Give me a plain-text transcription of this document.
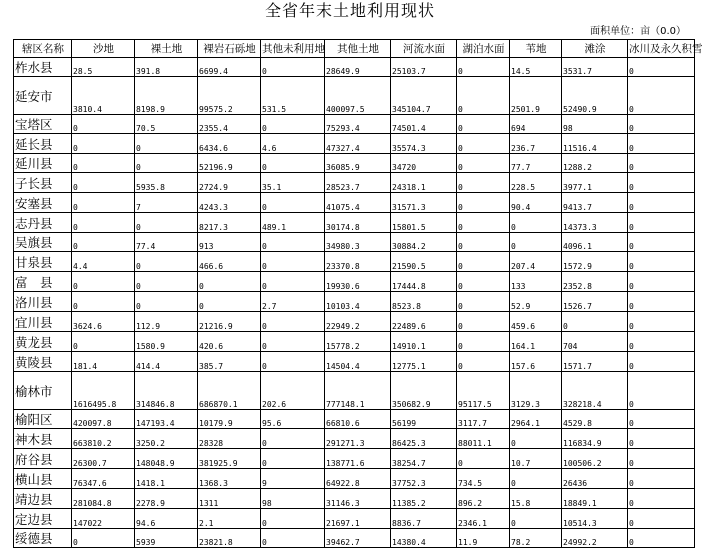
全省年末土地利用现状
面积单位：亩（0.0）
辖区名称	沙地	裸土地	裸岩石砾地	其他未利用地	其他土地	河流水面	湖泊水面	苇地	滩涂	冰川及永久积雪
柞水县	28.5	391.8	6699.4	0	28649.9	25103.7	0	14.5	3531.7	0
延安市	3810.4	8198.9	99575.2	531.5	400097.5	345104.7	0	2501.9	52490.9	0
宝塔区	0	70.5	2355.4	0	75293.4	74501.4	0	694	98	0
延长县	0	0	6434.6	4.6	47327.4	35574.3	0	236.7	11516.4	0
延川县	0	0	52196.9	0	36085.9	34720	0	77.7	1288.2	0
子长县	0	5935.8	2724.9	35.1	28523.7	24318.1	0	228.5	3977.1	0
安塞县	0	7	4243.3	0	41075.4	31571.3	0	90.4	9413.7	0
志丹县	0	0	8217.3	489.1	30174.8	15801.5	0	0	14373.3	0
吴旗县	0	77.4	913	0	34980.3	30884.2	0	0	4096.1	0
甘泉县	4.4	0	466.6	0	23370.8	21590.5	0	207.4	1572.9	0
富　县	0	0	0	0	19930.6	17444.8	0	133	2352.8	0
洛川县	0	0	0	2.7	10103.4	8523.8	0	52.9	1526.7	0
宜川县	3624.6	112.9	21216.9	0	22949.2	22489.6	0	459.6	0	0
黄龙县	0	1580.9	420.6	0	15778.2	14910.1	0	164.1	704	0
黄陵县	181.4	414.4	385.7	0	14504.4	12775.1	0	157.6	1571.7	0
榆林市	1616495.8	314846.8	686870.1	202.6	777148.1	350682.9	95117.5	3129.3	328218.4	0
榆阳区	420097.8	147193.4	10179.9	95.6	66810.6	56199	3117.7	2964.1	4529.8	0
神木县	663810.2	3250.2	28328	0	291271.3	86425.3	88011.1	0	116834.9	0
府谷县	26300.7	148048.9	381925.9	0	138771.6	38254.7	0	10.7	100506.2	0
横山县	76347.6	1418.1	1368.3	9	64922.8	37752.3	734.5	0	26436	0
靖边县	281084.8	2278.9	1311	98	31146.3	11385.2	896.2	15.8	18849.1	0
定边县	147022	94.6	2.1	0	21697.1	8836.7	2346.1	0	10514.3	0
绥德县	0	5939	23821.8	0	39462.7	14380.4	11.9	78.2	24992.2	0
